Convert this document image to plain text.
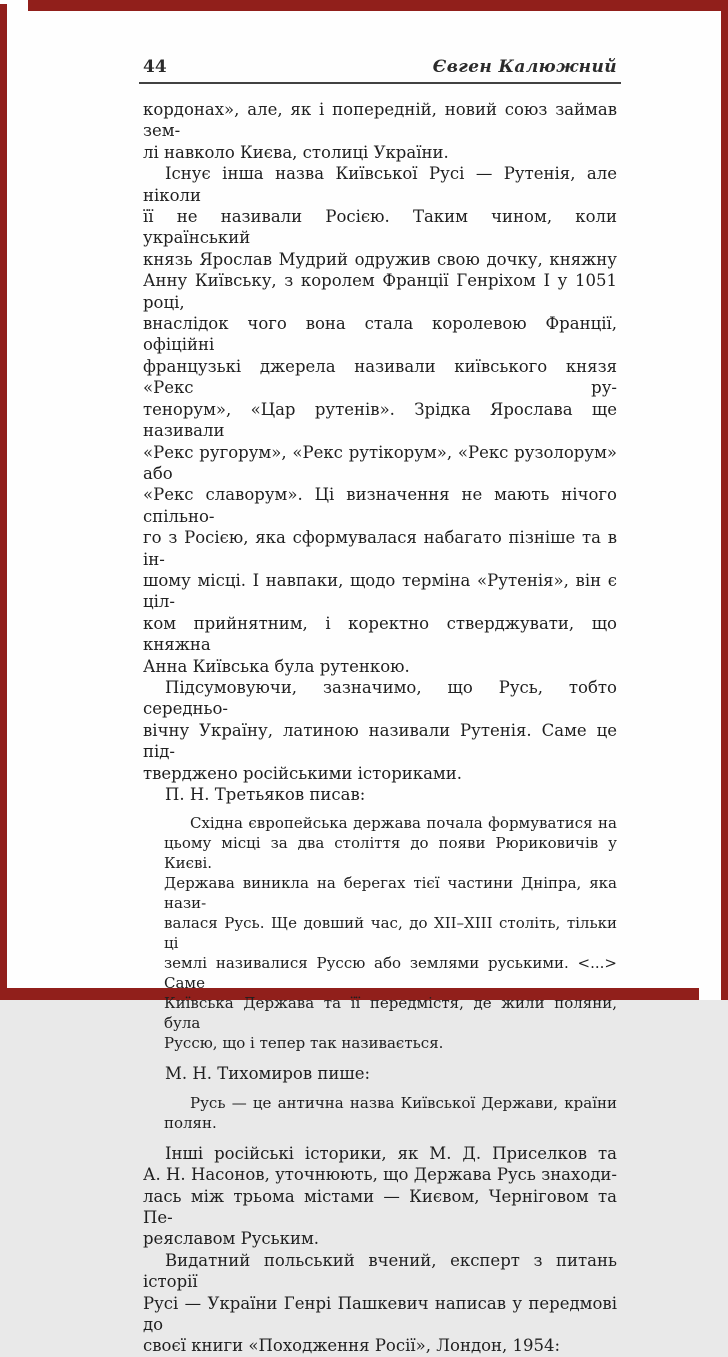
44	Євген Калюжний
кордонах», але, як і попередній, новий союз займав зем-
лі навколо Києва, столиці України.
Існує інша назва Київської Русі — Рутенія, але ніколи
її не називали Росією. Таким чином, коли український
князь Ярослав Мудрий одружив свою дочку, княжну
Анну Київську, з королем Франції Генріхом I у 1051 році,
внаслідок чого вона стала королевою Франції, офіційні
французькі джерела називали київського князя «Рекс ру-
тенорум», «Цар рутенів». Зрідка Ярослава ще називали
«Рекс ругорум», «Рекс рутікорум», «Рекс рузолорум» або
«Рекс славорум». Ці визначення не мають нічого спільно-
го з Росією, яка сформувалася набагато пізніше та в ін-
шому місці. І навпаки, щодо терміна «Рутенія», він є ціл-
ком прийнятним, і коректно стверджувати, що княжна
Анна Київська була рутенкою.
Підсумовуючи, зазначимо, що Русь, тобто середньо-
вічну Україну, латиною називали Рутенія. Саме це під-
тверджено російськими істориками.
П. Н. Третьяков писав:
Східна європейська держава почала формуватися на
цьому місці за два століття до появи Рюриковичів у Києві.
Держава виникла на берегах тієї частини Дніпра, яка нази-
валася Русь. Ще довший час, до XII–XIII століть, тільки ці
землі називалися Руссю або землями руськими. <...> Саме
Київська Держава та її передмістя, де жили поляни, була
Руссю, що і тепер так називається.
М. Н. Тихомиров пише:
Русь — це антична назва Київської Держави, країни
полян.
Інші російські історики, як М. Д. Приселков та
А. Н. Насонов, уточнюють, що Держава Русь знаходи-
лась між трьома містами — Києвом, Черніговом та Пе-
реяславом Руським.
Видатний польський вчений, експерт з питань історії
Русі — України Генрі Пашкевич написав у передмові до
своєї книги «Походження Росії», Лондон, 1954:
